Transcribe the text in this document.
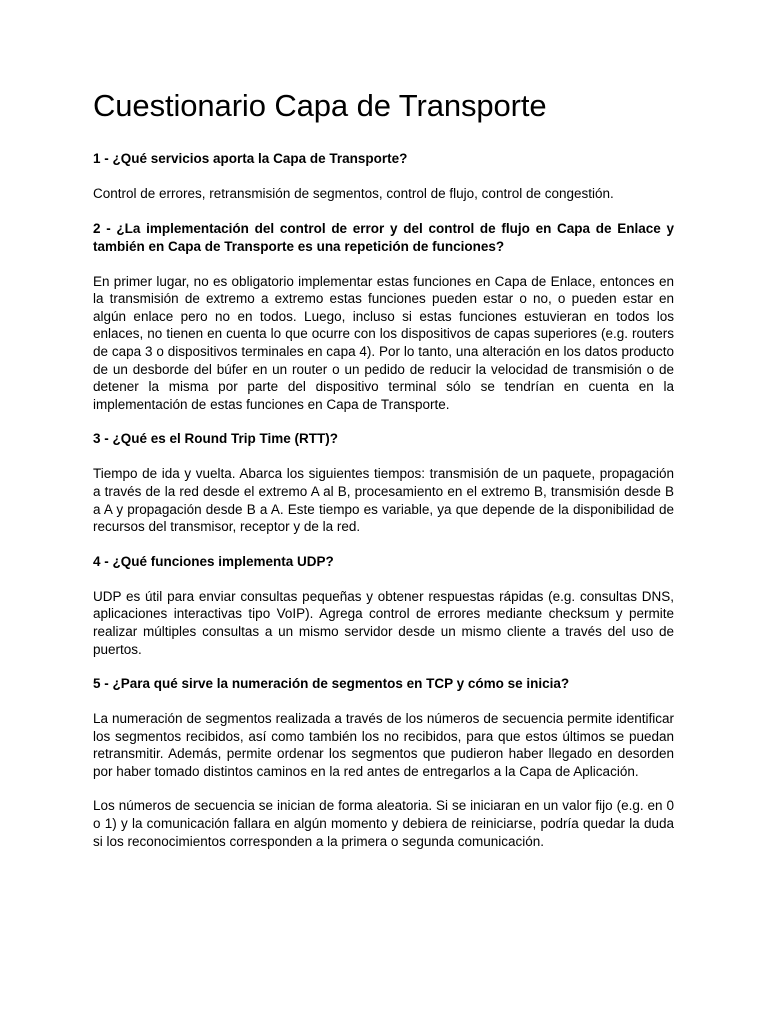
Cuestionario Capa de Transporte

1 - ¿Qué servicios aporta la Capa de Transporte?

Control de errores, retransmisión de segmentos, control de flujo, control de congestión.

2 - ¿La implementación del control de error y del control de flujo en Capa de Enlace y también en Capa de Transporte es una repetición de funciones?

En primer lugar, no es obligatorio implementar estas funciones en Capa de Enlace, entonces en la transmisión de extremo a extremo estas funciones pueden estar o no, o pueden estar en algún enlace pero no en todos. Luego, incluso si estas funciones estuvieran en todos los enlaces, no tienen en cuenta lo que ocurre con los dispositivos de capas superiores (e.g. routers de capa 3 o dispositivos terminales en capa 4). Por lo tanto, una alteración en los datos producto de un desborde del búfer en un router o un pedido de reducir la velocidad de transmisión o de detener la misma por parte del dispositivo terminal sólo se tendrían en cuenta en la implementación de estas funciones en Capa de Transporte.

3 - ¿Qué es el Round Trip Time (RTT)?

Tiempo de ida y vuelta. Abarca los siguientes tiempos: transmisión de un paquete, propagación a través de la red desde el extremo A al B, procesamiento en el extremo B, transmisión desde B a A y propagación desde B a A. Este tiempo es variable, ya que depende de la disponibilidad de recursos del transmisor, receptor y de la red.

4 - ¿Qué funciones implementa UDP?

UDP es útil para enviar consultas pequeñas y obtener respuestas rápidas (e.g. consultas DNS, aplicaciones interactivas tipo VoIP). Agrega control de errores mediante checksum y permite realizar múltiples consultas a un mismo servidor desde un mismo cliente a través del uso de puertos.

5 - ¿Para qué sirve la numeración de segmentos en TCP y cómo se inicia?

La numeración de segmentos realizada a través de los números de secuencia permite identificar los segmentos recibidos, así como también los no recibidos, para que estos últimos se puedan retransmitir. Además, permite ordenar los segmentos que pudieron haber llegado en desorden por haber tomado distintos caminos en la red antes de entregarlos a la Capa de Aplicación.

Los números de secuencia se inician de forma aleatoria. Si se iniciaran en un valor fijo (e.g. en 0 o 1) y la comunicación fallara en algún momento y debiera de reiniciarse, podría quedar la duda si los reconocimientos corresponden a la primera o segunda comunicación.
